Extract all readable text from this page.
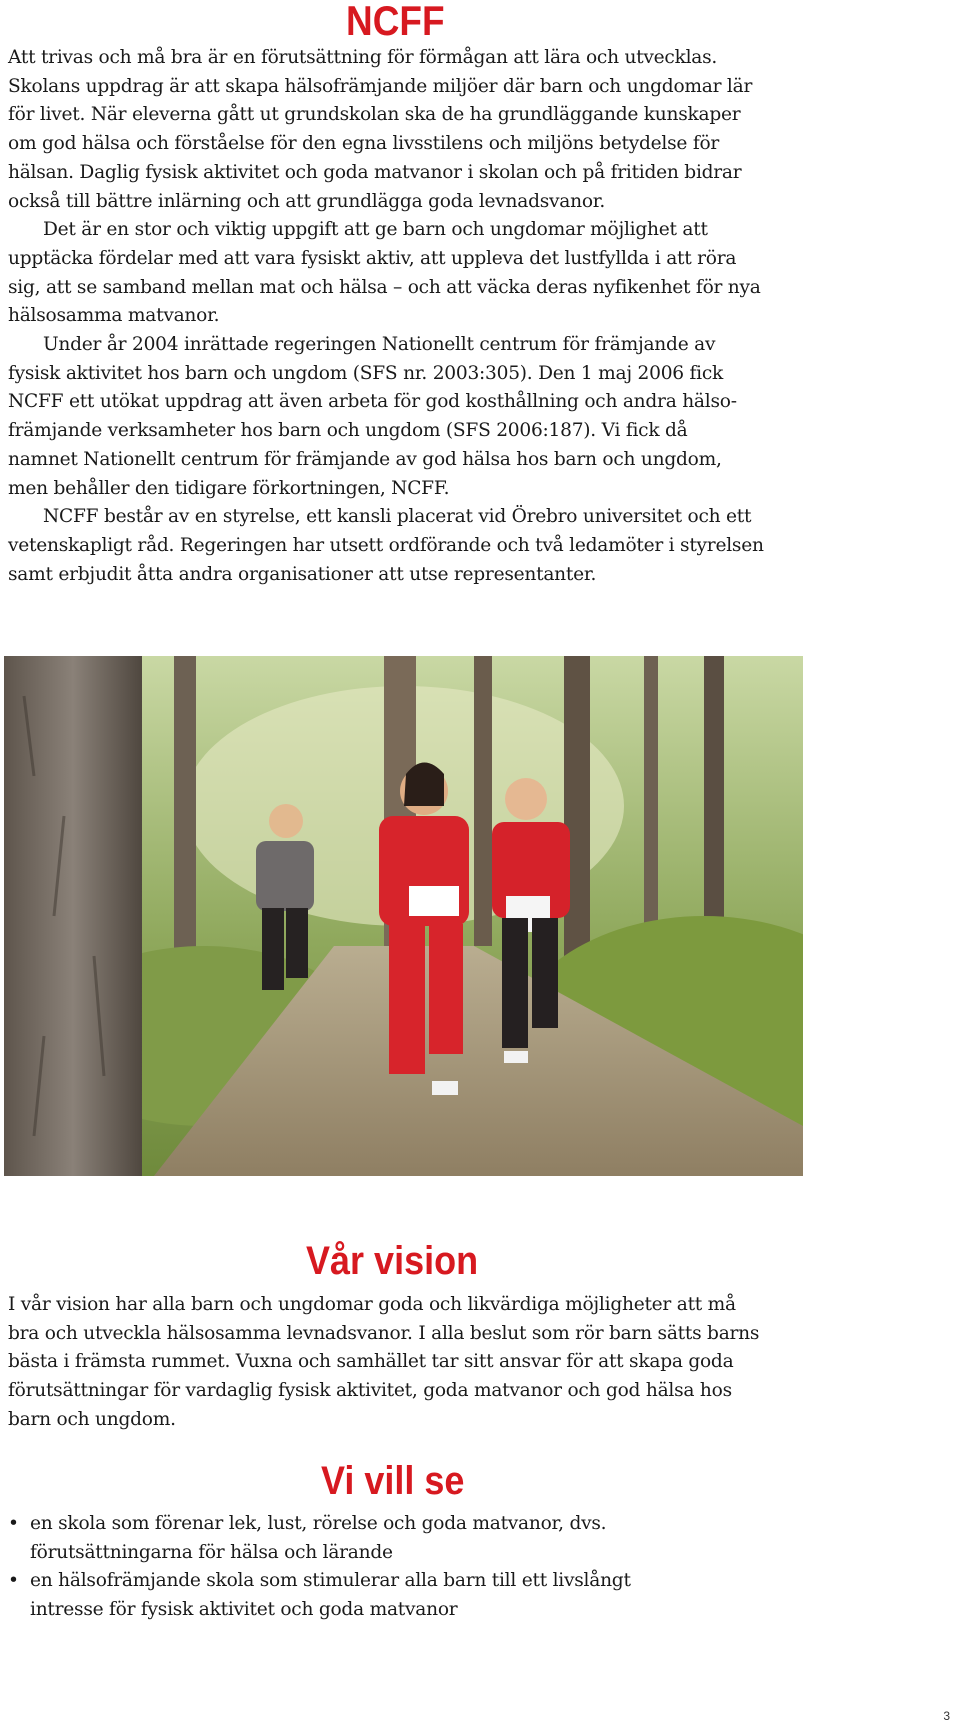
NCFF

Att trivas och må bra är en förutsättning för förmågan att lära och utvecklas.
Skolans uppdrag är att skapa hälsofrämjande miljöer där barn och ungdomar lär
för livet. När eleverna gått ut grundskolan ska de ha grundläggande kunskaper
om god hälsa och förståelse för den egna livsstilens och miljöns betydelse för
hälsan. Daglig fysisk aktivitet och goda matvanor i skolan och på fritiden bidrar
också till bättre inlärning och att grundlägga goda levnadsvanor.

Det är en stor och viktig uppgift att ge barn och ungdomar möjlighet att
upptäcka fördelar med att vara fysiskt aktiv, att uppleva det lustfyllda i att röra
sig, att se samband mellan mat och hälsa – och att väcka deras nyfikenhet för nya
hälsosamma matvanor.

Under år 2004 inrättade regeringen Nationellt centrum för främjande av
fysisk aktivitet hos barn och ungdom (SFS nr. 2003:305). Den 1 maj 2006 fick
NCFF ett utökat uppdrag att även arbeta för god kosthållning och andra hälso-
främjande verksamheter hos barn och ungdom (SFS 2006:187). Vi fick då
namnet Nationellt centrum för främjande av god hälsa hos barn och ungdom,
men behåller den tidigare förkortningen, NCFF.

NCFF består av en styrelse, ett kansli placerat vid Örebro universitet och ett
vetenskapligt råd. Regeringen har utsett ordförande och två ledamöter i styrelsen
samt erbjudit åtta andra organisationer att utse representanter.

Vår vision

I vår vision har alla barn och ungdomar goda och likvärdiga möjligheter att må
bra och utveckla hälsosamma levnadsvanor. I alla beslut som rör barn sätts barns
bästa i främsta rummet. Vuxna och samhället tar sitt ansvar för att skapa goda
förutsättningar för vardaglig fysisk aktivitet, goda matvanor och god hälsa hos
barn och ungdom.

Vi vill se
• en skola som förenar lek, lust, rörelse och goda matvanor, dvs.
förutsättningarna för hälsa och lärande
• en hälsofrämjande skola som stimulerar alla barn till ett livslångt
intresse för fysisk aktivitet och goda matvanor
3
